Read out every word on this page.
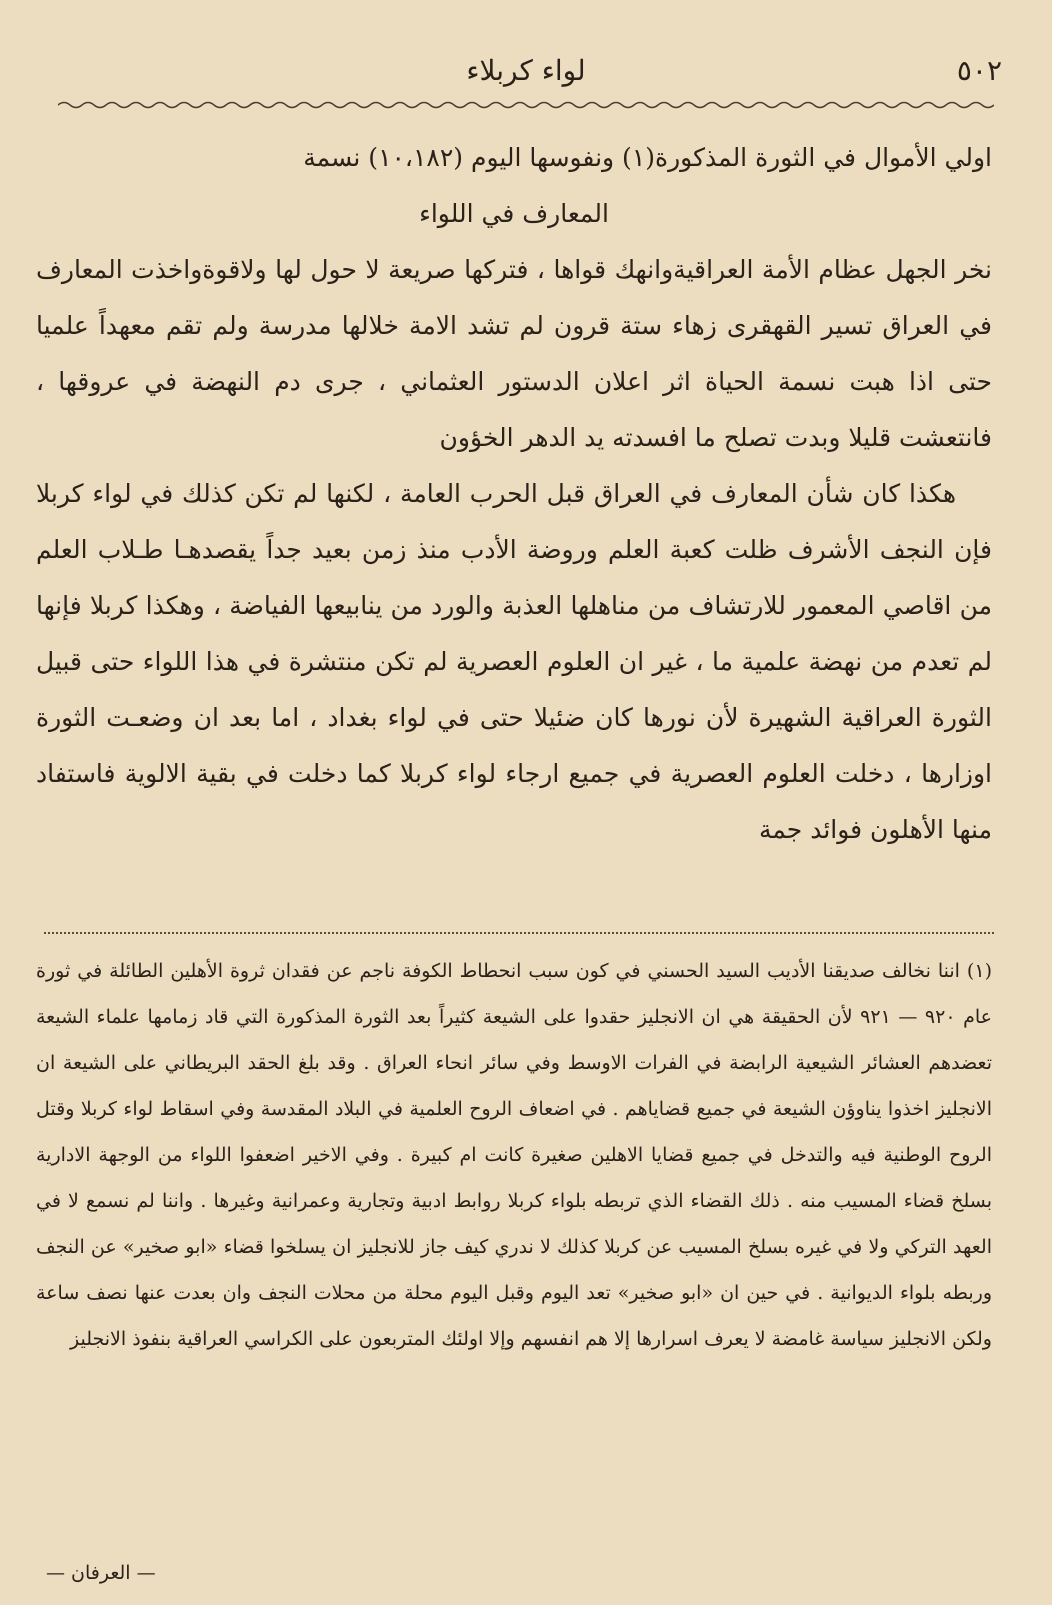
٥٠٢
لواء كربلاء

اولي الأموال في الثورة المذكورة(١) ونفوسها اليوم (١٠،١٨٢) نسمة

المعارف في اللواء

نخر الجهل عظام الأمة العراقيةوانهك قواها ، فتركها صريعة لا حول لها ولاقوةواخذت المعارف في العراق تسير القهقرى زهاء ستة قرون لم تشد الامة خلالها مدرسة ولم تقم معهداً علميا حتى اذا هبت نسمة الحياة اثر اعلان الدستور العثماني ، جرى دم النهضة في عروقها ، فانتعشت قليلا وبدت تصلح ما افسدته يد الدهر الخؤون

هكذا كان شأن المعارف في العراق قبل الحرب العامة ، لكنها لم تكن كذلك في لواء كربلا فإن النجف الأشرف ظلت كعبة العلم وروضة الأدب منذ زمن بعيد جداً يقصدهـا طـلاب العلم من اقاصي المعمور للارتشاف من مناهلها العذبة والورد من ينابيعها الفياضة ، وهكذا كربلا فإنها لم تعدم من نهضة علمية ما ، غير ان العلوم العصرية لم تكن منتشرة في هذا اللواء حتى قبيل الثورة العراقية الشهيرة لأن نورها كان ضئيلا حتى في لواء بغداد ، اما بعد ان وضعـت الثورة اوزارها ، دخلت العلوم العصرية في جميع ارجاء لواء كربلا كما دخلت في بقية الالوية فاستفاد منها الأهلون فوائد جمة

(١) اننا نخالف صديقنا الأديب السيد الحسني في كون سبب انحطاط الكوفة ناجم عن فقدان ثروة الأهلين الطائلة في ثورة عام ٩٢٠ — ٩٢١ لأن الحقيقة هي ان الانجليز حقدوا على الشيعة كثيراً بعد الثورة المذكورة التي قاد زمامها علماء الشيعة تعضدهم العشائر الشيعية الرابضة في الفرات الاوسط وفي سائر انحاء العراق . وقد بلغ الحقد البريطاني على الشيعة ان الانجليز اخذوا يناوؤن الشيعة في جميع قضاياهم . في اضعاف الروح العلمية في البلاد المقدسة وفي اسقاط لواء كربلا وقتل الروح الوطنية فيه والتدخل في جميع قضايا الاهلين صغيرة كانت ام كبيرة . وفي الاخير اضعفوا اللواء من الوجهة الادارية بسلخ قضاء المسيب منه . ذلك القضاء الذي تربطه بلواء كربلا روابط ادبية وتجارية وعمرانية وغيرها . واننا لم نسمع لا في العهد التركي ولا في غيره بسلخ المسيب عن كربلا كذلك لا ندري كيف جاز للانجليز ان يسلخوا قضاء «ابو صخير» عن النجف وربطه بلواء الديوانية . في حين ان «ابو صخير» تعد اليوم وقبل اليوم محلة من محلات النجف وان بعدت عنها نصف ساعة ولكن الانجليز سياسة غامضة لا يعرف اسرارها إلا هم انفسهم وإلا اولئك المتربعون على الكراسي العراقية بنفوذ الانجليز

— العرفان —
